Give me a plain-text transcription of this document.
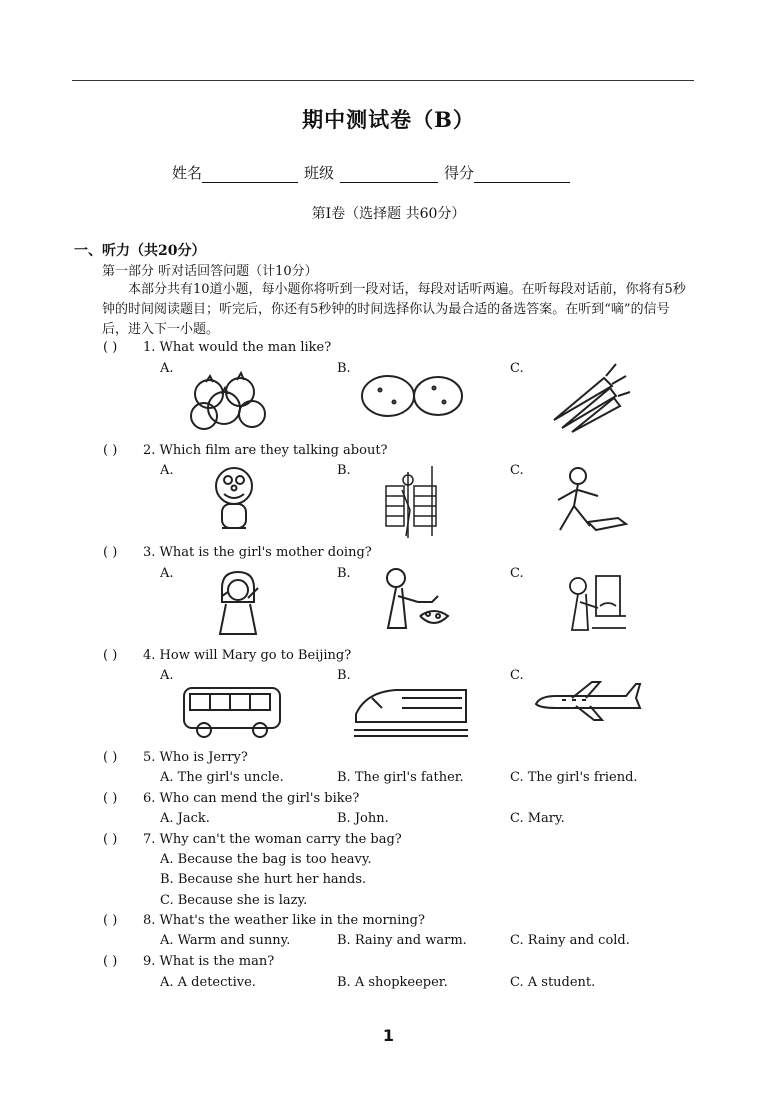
期中测试卷（B）
姓名	班级	得分
第Ⅰ卷（选择题 共60分）
一、听力（共20分）
第一部分 听对话回答问题（计10分）
本部分共有10道小题，每小题你将听到一段对话，每段对话听两遍。在听每段对话前，你将有5秒钟的时间阅读题目；听完后，你还有5秒钟的时间选择你认为最合适的备选答案。在听到“嘀”的信号后，进入下一小题。
( ) 1. What would the man like?
A.	B.	C.
( ) 2. Which film are they talking about?
A.	B.	C.
( ) 3. What is the girl's mother doing?
A.	B.	C.
( ) 4. How will Mary go to Beijing?
A.	B.	C.
( ) 5. Who is Jerry?
A. The girl's uncle.	B. The girl's father.	C. The girl's friend.
( ) 6. Who can mend the girl's bike?
A. Jack.	B. John.	C. Mary.
( ) 7. Why can't the woman carry the bag?
A. Because the bag is too heavy.
B. Because she hurt her hands.
C. Because she is lazy.
( ) 8. What's the weather like in the morning?
A. Warm and sunny.	B. Rainy and warm.	C. Rainy and cold.
( ) 9. What is the man?
A. A detective.	B. A shopkeeper.	C. A student.
1
